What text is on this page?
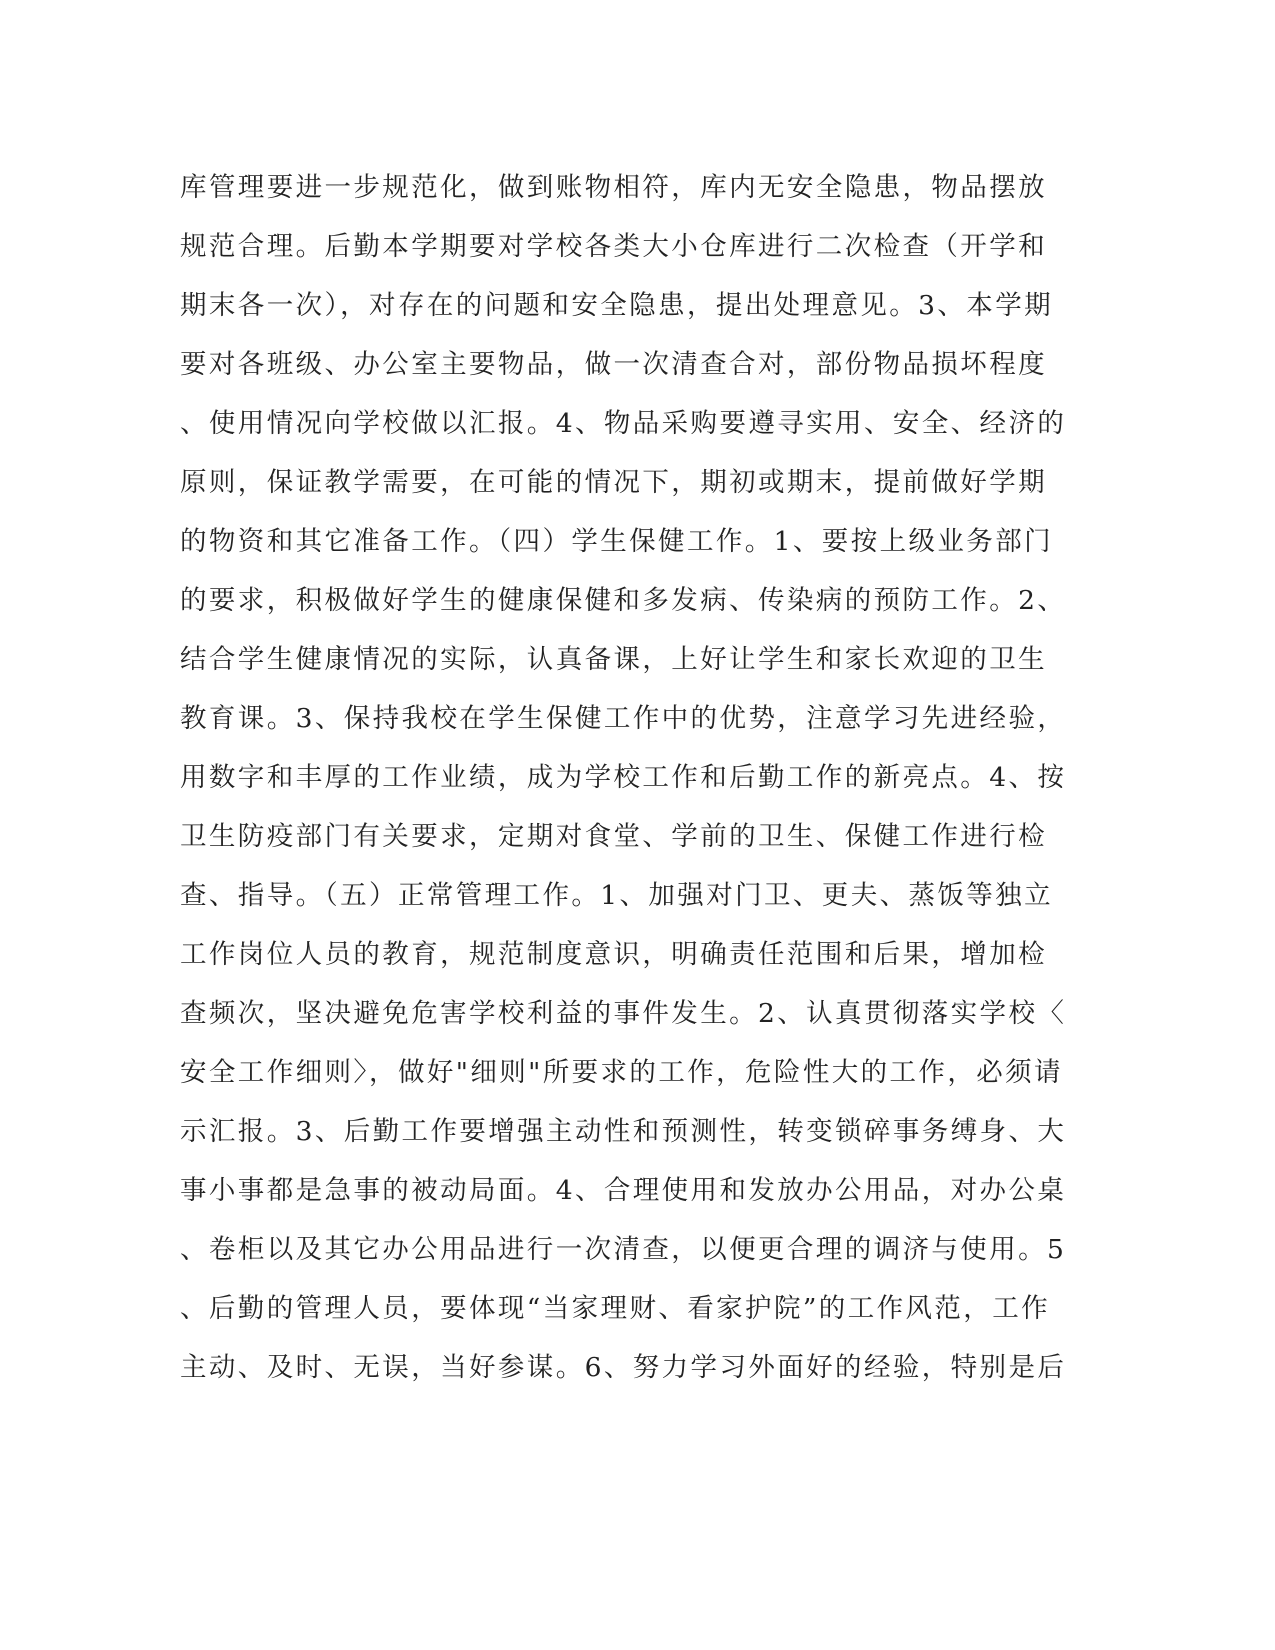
库管理要进一步规范化，做到账物相符，库内无安全隐患，物品摆放
规范合理。后勤本学期要对学校各类大小仓库进行二次检查（开学和
期末各一次），对存在的问题和安全隐患，提出处理意见。3、本学期
要对各班级、办公室主要物品，做一次清查合对，部份物品损坏程度
、使用情况向学校做以汇报。4、物品采购要遵寻实用、安全、经济的
原则，保证教学需要，在可能的情况下，期初或期末，提前做好学期
的物资和其它准备工作。（四）学生保健工作。1、要按上级业务部门
的要求，积极做好学生的健康保健和多发病、传染病的预防工作。2、
结合学生健康情况的实际，认真备课，上好让学生和家长欢迎的卫生
教育课。3、保持我校在学生保健工作中的优势，注意学习先进经验，
用数字和丰厚的工作业绩，成为学校工作和后勤工作的新亮点。4、按
卫生防疫部门有关要求，定期对食堂、学前的卫生、保健工作进行检
查、指导。（五）正常管理工作。1、加强对门卫、更夫、蒸饭等独立
工作岗位人员的教育，规范制度意识，明确责任范围和后果，增加检
查频次，坚决避免危害学校利益的事件发生。2、认真贯彻落实学校〈
安全工作细则〉，做好"细则"所要求的工作，危险性大的工作，必须请
示汇报。3、后勤工作要增强主动性和预测性，转变锁碎事务缚身、大
事小事都是急事的被动局面。4、合理使用和发放办公用品，对办公桌
、卷柜以及其它办公用品进行一次清查，以便更合理的调济与使用。5
、后勤的管理人员，要体现“当家理财、看家护院”的工作风范，工作
主动、及时、无误，当好参谋。6、努力学习外面好的经验，特别是后
